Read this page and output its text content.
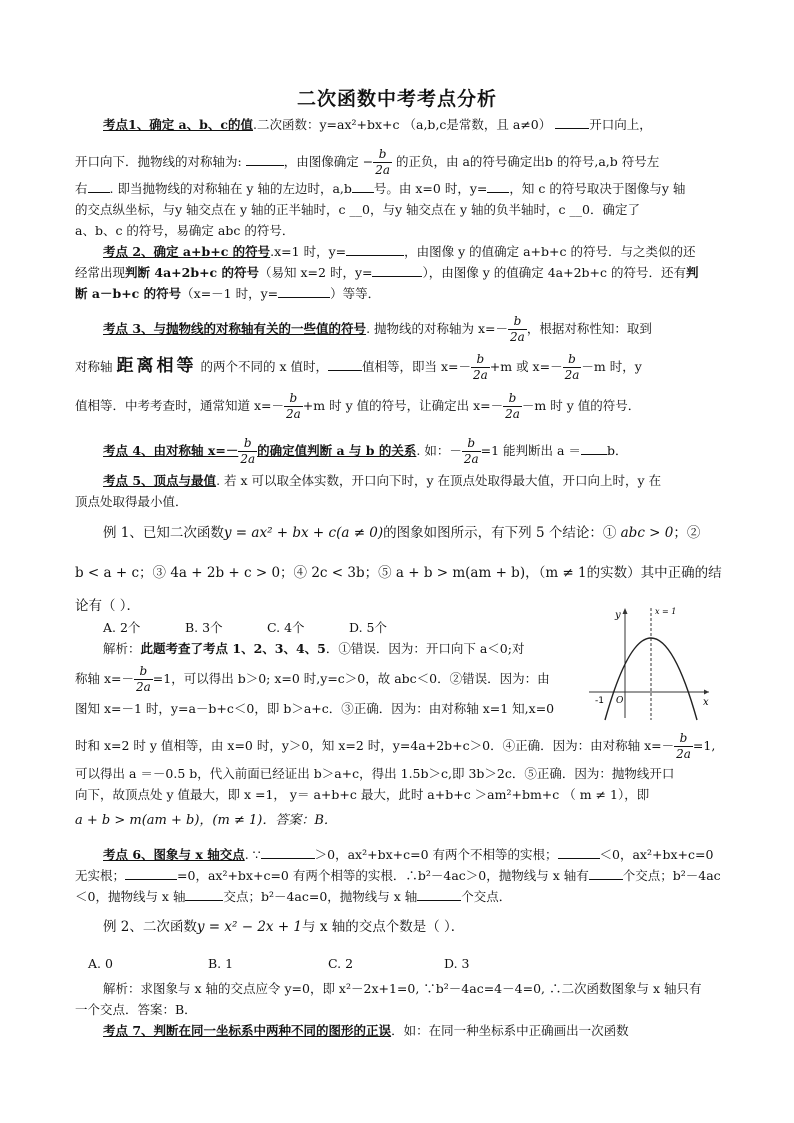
二次函数中考考点分析
考点1、确定 a、b、c的值.二次函数：y=ax²+bx+c （a,b,c是常数，且 a≠0）	开口向上，
开口向下．抛物线的对称轴为:	，由图像确定 − $\frac{b}{2a}$ 的正负，由 a的符号确定出b 的符号,a,b 符号左
右 . 即当抛物线的对称轴在 y 轴的左边时，a,b 号。由 x=0 时，y= ，知 c 的符号取决于图像与y 轴
的交点纵坐标，与y 轴交点在 y 轴的正半轴时，c __0，与y 轴交点在 y 轴的负半轴时，c __0．确定了
a、b、c 的符号，易确定 abc 的符号．
考点 2、确定 a+b+c 的符号.x=1 时，y=	，由图像 y 的值确定 a+b+c 的符号．与之类似的还
经常出现判断 4a+2b+c 的符号（易知 x=2 时，y=	），由图像 y 的值确定 4a+2b+c 的符号．还有判
断 a－b+c 的符号（x=－1 时，y=	）等等．
考点 3、与抛物线的对称轴有关的一些值的符号. 抛物线的对称轴为 $x=- \frac{b}{2a}$ ，根据对称性知：取到
对称轴 距离相等 的两个不同的 x 值时，	值相等，即当 $x=- \frac{b}{2a} +m$ 或 $x=- \frac{b}{2a} -m$ 时，y
值相等．中考考查时，通常知道 $x=- \frac{b}{2a} +m$ 时 y 值的符号，让确定出 $x=- \frac{b}{2a} -m$ 时 y 值的符号．
考点 4、由对称轴 $x=- \frac{b}{2a}$ 的确定值判断 a 与 b 的关系. 如：－ $\frac{b}{2a} =1$ 能判断出 a ＝ b．
考点 5、顶点与最值. 若 x 可以取全体实数，开口向下时，y 在顶点处取得最大值，开口向上时，y 在
顶点处取得最小值．
例 1、已知二次函数y = ax² + bx + c(a ≠ 0)的图象如图所示，有下列 5 个结论：① abc > 0；②
b < a + c；③ 4a + 2b + c > 0；④ 2c < 3b；⑤ a + b > m(am + b)，（m ≠ 1的实数）其中正确的结
论有（ ）．
A. 2个	B. 3个	C. 4个	D. 5个
解析：此题考查了考点 1、2、3、4、5．①错误．因为：开口向下 a＜0;对
称轴 $x=- \frac{b}{2a} =1$，可以得出 b＞0; x=0 时,y=c＞0，故 abc＜0．②错误．因为：由
图知 x=－1 时，y=a－b+c＜0，即 b＞a+c．③正确．因为：由对称轴 x=1 知,x=0
时和 x=2 时 y 值相等，由 x=0 时，y＞0，知 x=2 时，y=4a+2b+c＞0．④正确．因为：由对称轴 $x=- \frac{b}{2a} =1$,
可以得出 a ＝－0.5 b，代入前面已经证出 b＞a+c，得出 1.5b＞c,即 3b＞2c．⑤正确．因为：抛物线开口
向下，故顶点处 y 值最大，即 x =1， y＝ a+b+c 最大，此时 a+b+c ＞am²+bm+c （ m ≠ 1），即
a + b > m(am + b)，(m ≠ 1)．答案：B．
考点 6、图象与 x 轴交点. ∵	＞0，ax²+bx+c=0 有两个不相等的实根；	＜0，ax²+bx+c=0
无实根；	=0，ax²+bx+c=0 有两个相等的实根．∴b²－4ac＞0，抛物线与 x 轴有	个交点；b²－4ac
＜0，抛物线与 x 轴	交点；b²－4ac=0，抛物线与 x 轴	个交点．
例 2、二次函数y = x² − 2x + 1与 x 轴的交点个数是（ ）．
A. 0	B. 1	C. 2	D. 3
解析：求图象与 x 轴的交点应令 y=0，即 x²－2x+1=0, ∵b²－4ac=4－4=0, ∴二次函数图象与 x 轴只有
一个交点．答案：B．
考点 7、判断在同一坐标系中两种不同的图形的正误．如：在同一种坐标系中正确画出一次函数
y
x
x = 1
-1 O
